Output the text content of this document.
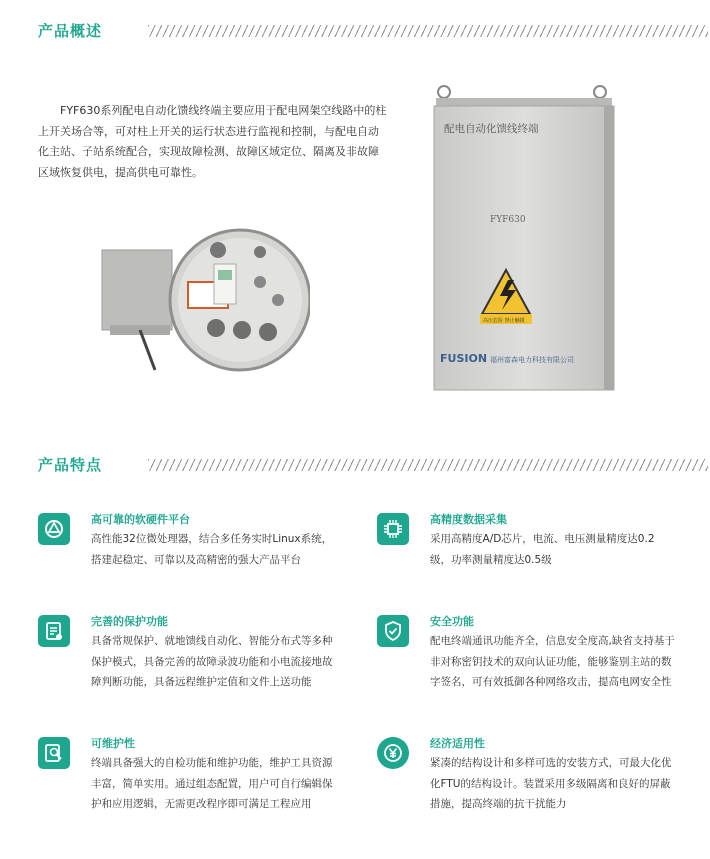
产品概述

FYF630系列配电自动化馈线终端主要应用于配电网架空线路中的柱上开关场合等，可对柱上开关的运行状态进行监视和控制，与配电自动化主站、子站系统配合，实现故障检测、故障区域定位、隔离及非故障区域恢复供电，提高供电可靠性。

配电自动化馈线终端
FYF630
高压危险 禁止触摸
FUSION 福州富森电力科技有限公司
产品特点
高可靠的软硬件平台
高性能32位微处理器，结合多任务实时Linux系统，搭建起稳定、可靠以及高精密的强大产品平台
高精度数据采集
采用高精度A/D芯片，电流、电压测量精度达0.2级，功率测量精度达0.5级
完善的保护功能
具备常规保护、就地馈线自动化、智能分布式等多种保护模式，具备完善的故障录波功能和小电流接地故障判断功能，具备远程维护定值和文件上送功能
安全功能
配电终端通讯功能齐全，信息安全度高,缺省支持基于非对称密钥技术的双向认证功能，能够鉴别主站的数字签名，可有效抵御各种网络攻击，提高电网安全性
可维护性
终端具备强大的自检功能和维护功能，维护工具资源丰富，简单实用。通过组态配置，用户可自行编辑保护和应用逻辑，无需更改程序即可满足工程应用
经济适用性
紧凑的结构设计和多样可选的安装方式，可最大化优化FTU的结构设计。装置采用多级隔离和良好的屏蔽措施，提高终端的抗干扰能力
